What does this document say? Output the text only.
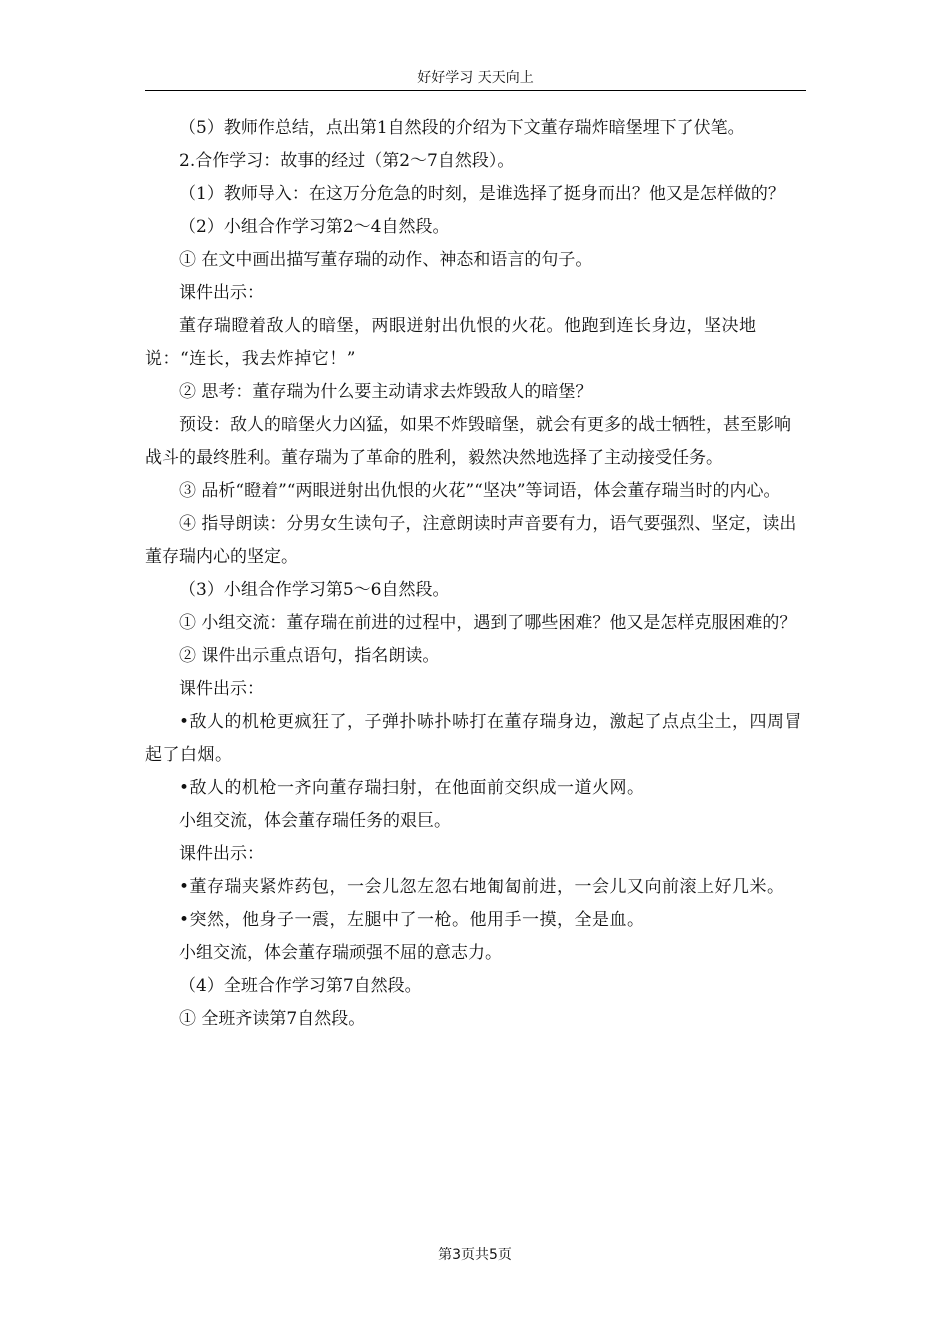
好好学习 天天向上

（5）教师作总结，点出第1自然段的介绍为下文董存瑞炸暗堡埋下了伏笔。

2.合作学习：故事的经过（第2～7自然段）。

（1）教师导入：在这万分危急的时刻，是谁选择了挺身而出？他又是怎样做的？

（2）小组合作学习第2～4自然段。

① 在文中画出描写董存瑞的动作、神态和语言的句子。

课件出示：

董存瑞瞪着敌人的暗堡，两眼迸射出仇恨的火花。他跑到连长身边，坚决地说：“连长，我去炸掉它！”

② 思考：董存瑞为什么要主动请求去炸毁敌人的暗堡？

预设：敌人的暗堡火力凶猛，如果不炸毁暗堡，就会有更多的战士牺牲，甚至影响战斗的最终胜利。董存瑞为了革命的胜利，毅然决然地选择了主动接受任务。

③ 品析“瞪着”“两眼迸射出仇恨的火花”“坚决”等词语，体会董存瑞当时的内心。

④ 指导朗读：分男女生读句子，注意朗读时声音要有力，语气要强烈、坚定，读出董存瑞内心的坚定。

（3）小组合作学习第5～6自然段。

① 小组交流：董存瑞在前进的过程中，遇到了哪些困难？他又是怎样克服困难的？

② 课件出示重点语句，指名朗读。

课件出示：

•敌人的机枪更疯狂了，子弹扑哧扑哧打在董存瑞身边，激起了点点尘土，四周冒起了白烟。

•敌人的机枪一齐向董存瑞扫射，在他面前交织成一道火网。

小组交流，体会董存瑞任务的艰巨。

课件出示：

•董存瑞夹紧炸药包，一会儿忽左忽右地匍匐前进，一会儿又向前滚上好几米。

•突然，他身子一震，左腿中了一枪。他用手一摸，全是血。

小组交流，体会董存瑞顽强不屈的意志力。

（4）全班合作学习第7自然段。

① 全班齐读第7自然段。

第3页共5页
